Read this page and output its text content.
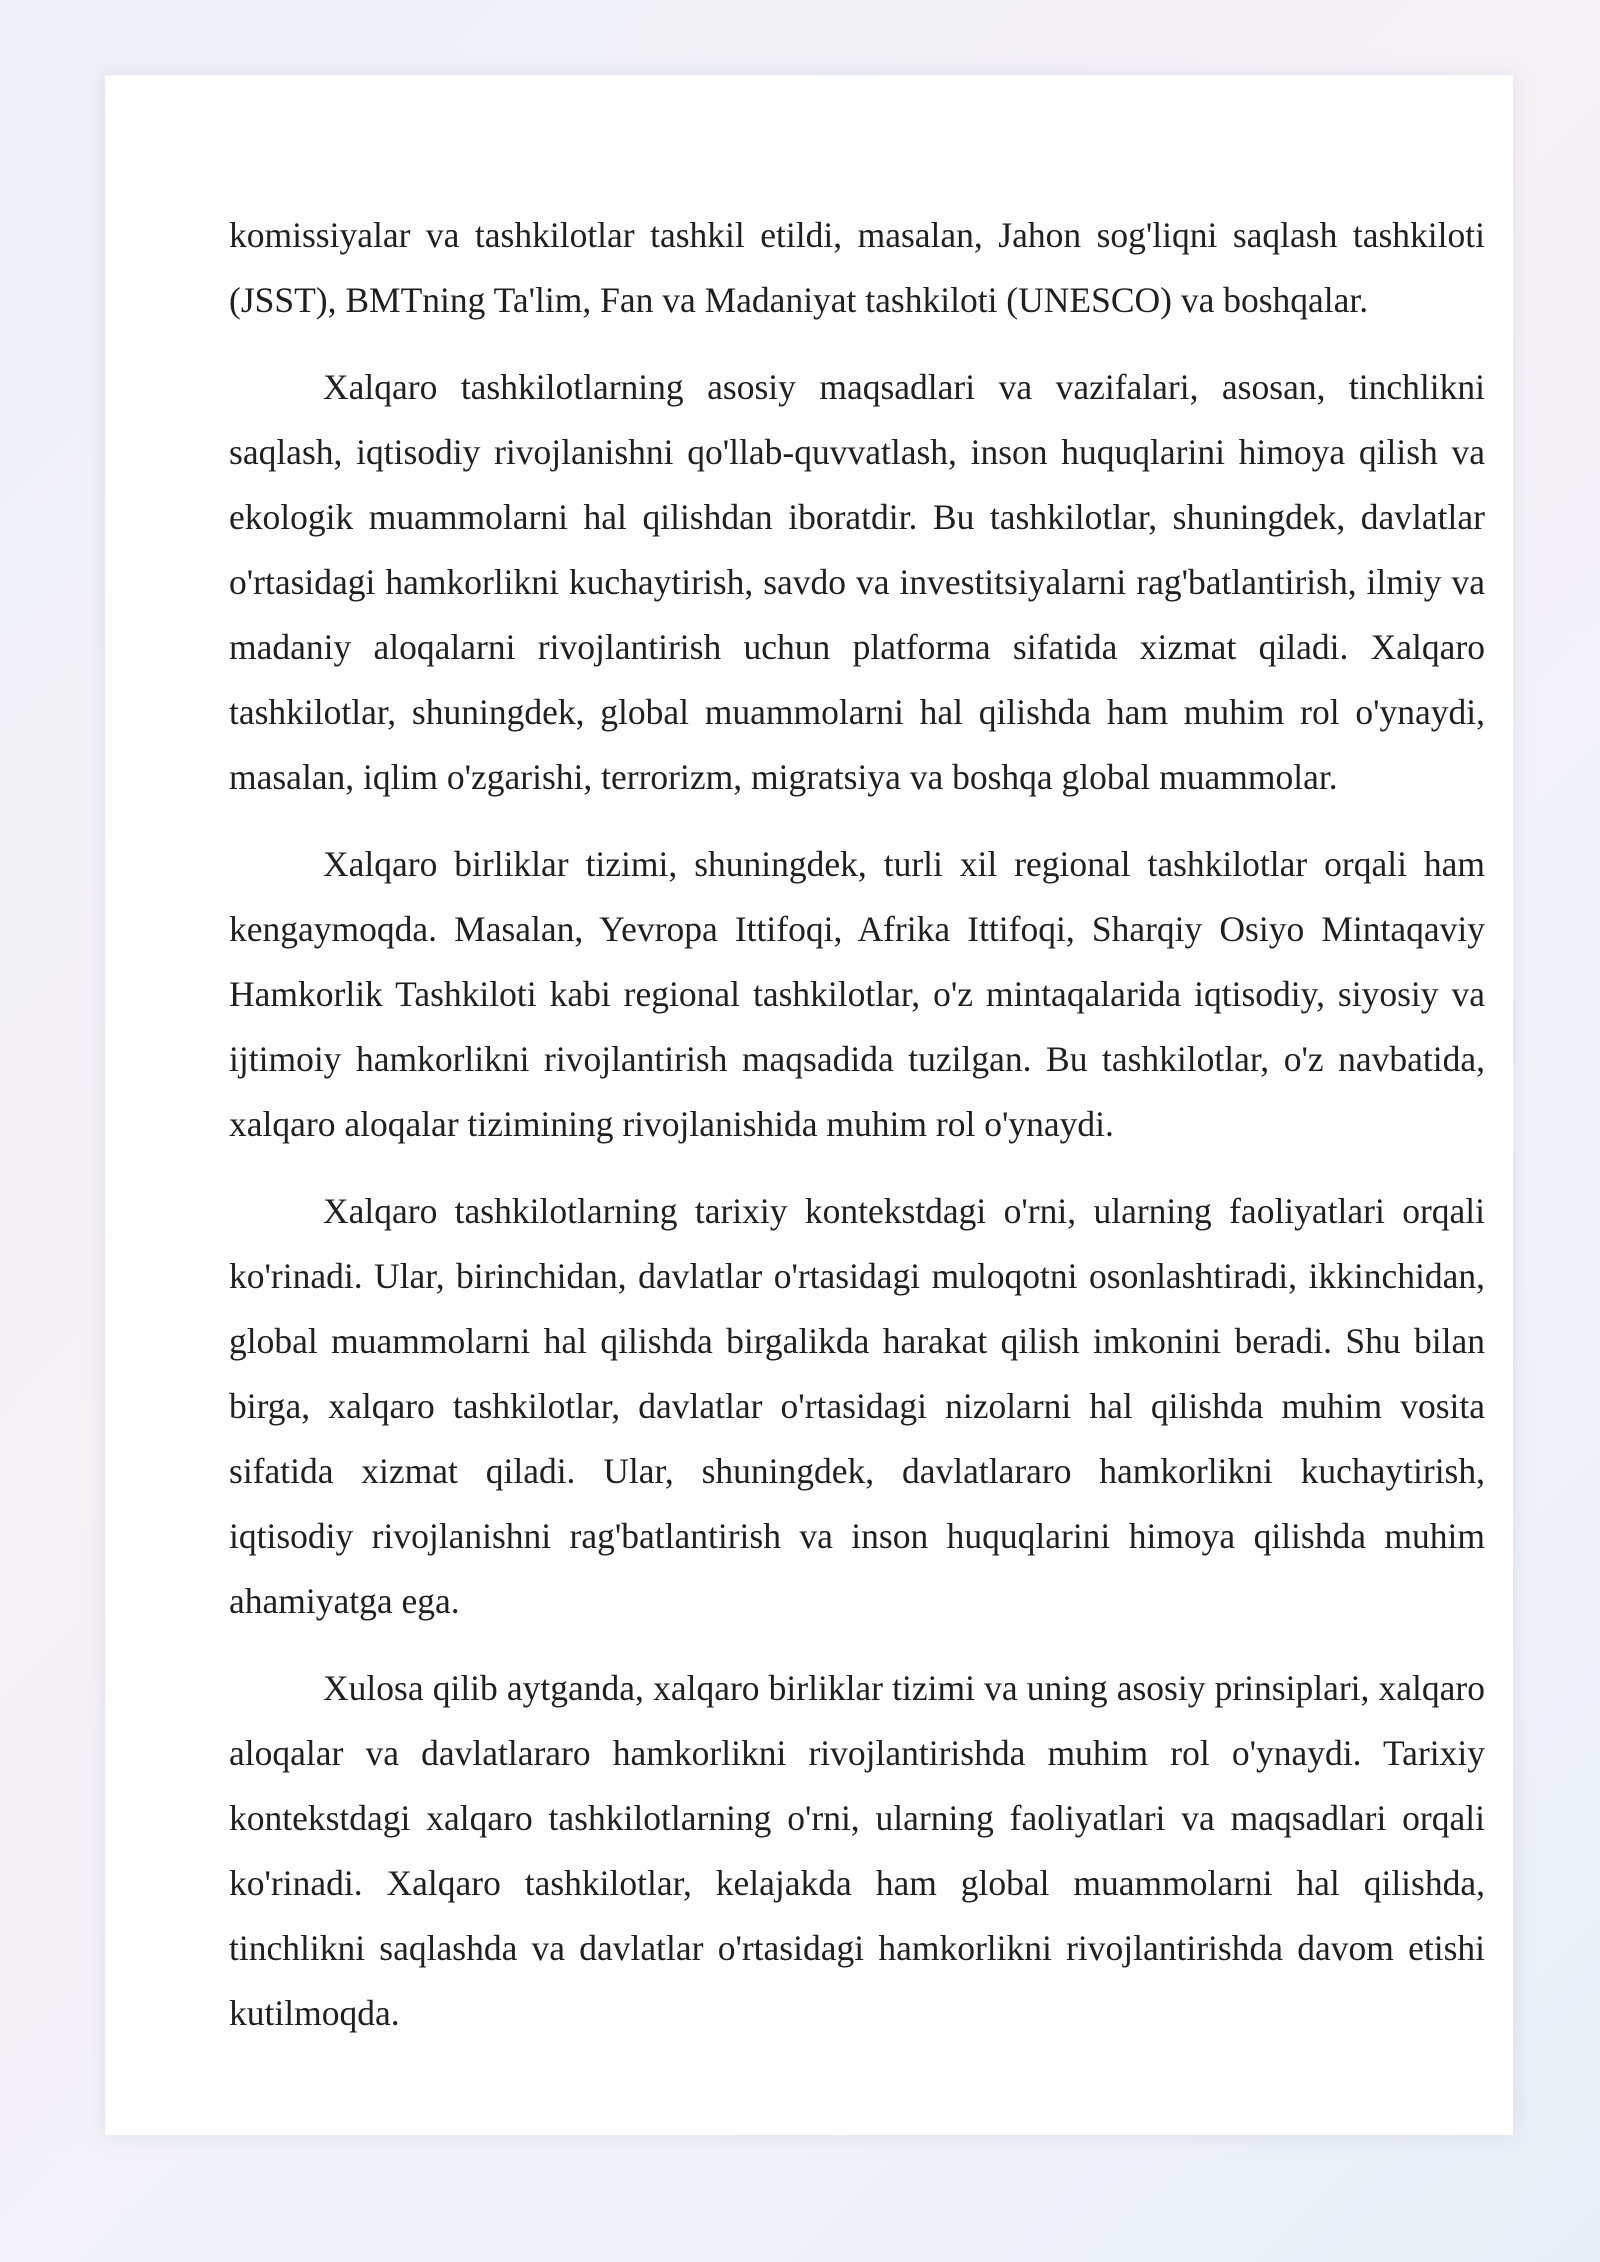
komissiyalar va tashkilotlar tashkil etildi, masalan, Jahon sog'liqni saqlash tashkiloti (JSST), BMTning Ta'lim, Fan va Madaniyat tashkiloti (UNESCO) va boshqalar.

Xalqaro tashkilotlarning asosiy maqsadlari va vazifalari, asosan, tinchlikni saqlash, iqtisodiy rivojlanishni qo'llab-quvvatlash, inson huquqlarini himoya qilish va ekologik muammolarni hal qilishdan iboratdir. Bu tashkilotlar, shuningdek, davlatlar o'rtasidagi hamkorlikni kuchaytirish, savdo va investitsiyalarni rag'batlantirish, ilmiy va madaniy aloqalarni rivojlantirish uchun platforma sifatida xizmat qiladi. Xalqaro tashkilotlar, shuningdek, global muammolarni hal qilishda ham muhim rol o'ynaydi, masalan, iqlim o'zgarishi, terrorizm, migratsiya va boshqa global muammolar.

Xalqaro birliklar tizimi, shuningdek, turli xil regional tashkilotlar orqali ham kengaymoqda. Masalan, Yevropa Ittifoqi, Afrika Ittifoqi, Sharqiy Osiyo Mintaqaviy Hamkorlik Tashkiloti kabi regional tashkilotlar, o'z mintaqalarida iqtisodiy, siyosiy va ijtimoiy hamkorlikni rivojlantirish maqsadida tuzilgan. Bu tashkilotlar, o'z navbatida, xalqaro aloqalar tizimining rivojlanishida muhim rol o'ynaydi.

Xalqaro tashkilotlarning tarixiy kontekstdagi o'rni, ularning faoliyatlari orqali ko'rinadi. Ular, birinchidan, davlatlar o'rtasidagi muloqotni osonlashtiradi, ikkinchidan, global muammolarni hal qilishda birgalikda harakat qilish imkonini beradi. Shu bilan birga, xalqaro tashkilotlar, davlatlar o'rtasidagi nizolarni hal qilishda muhim vosita sifatida xizmat qiladi. Ular, shuningdek, davlatlararo hamkorlikni kuchaytirish, iqtisodiy rivojlanishni rag'batlantirish va inson huquqlarini himoya qilishda muhim ahamiyatga ega.

Xulosa qilib aytganda, xalqaro birliklar tizimi va uning asosiy prinsiplari, xalqaro aloqalar va davlatlararo hamkorlikni rivojlantirishda muhim rol o'ynaydi. Tarixiy kontekstdagi xalqaro tashkilotlarning o'rni, ularning faoliyatlari va maqsadlari orqali ko'rinadi. Xalqaro tashkilotlar, kelajakda ham global muammolarni hal qilishda, tinchlikni saqlashda va davlatlar o'rtasidagi hamkorlikni rivojlantirishda davom etishi kutilmoqda.
